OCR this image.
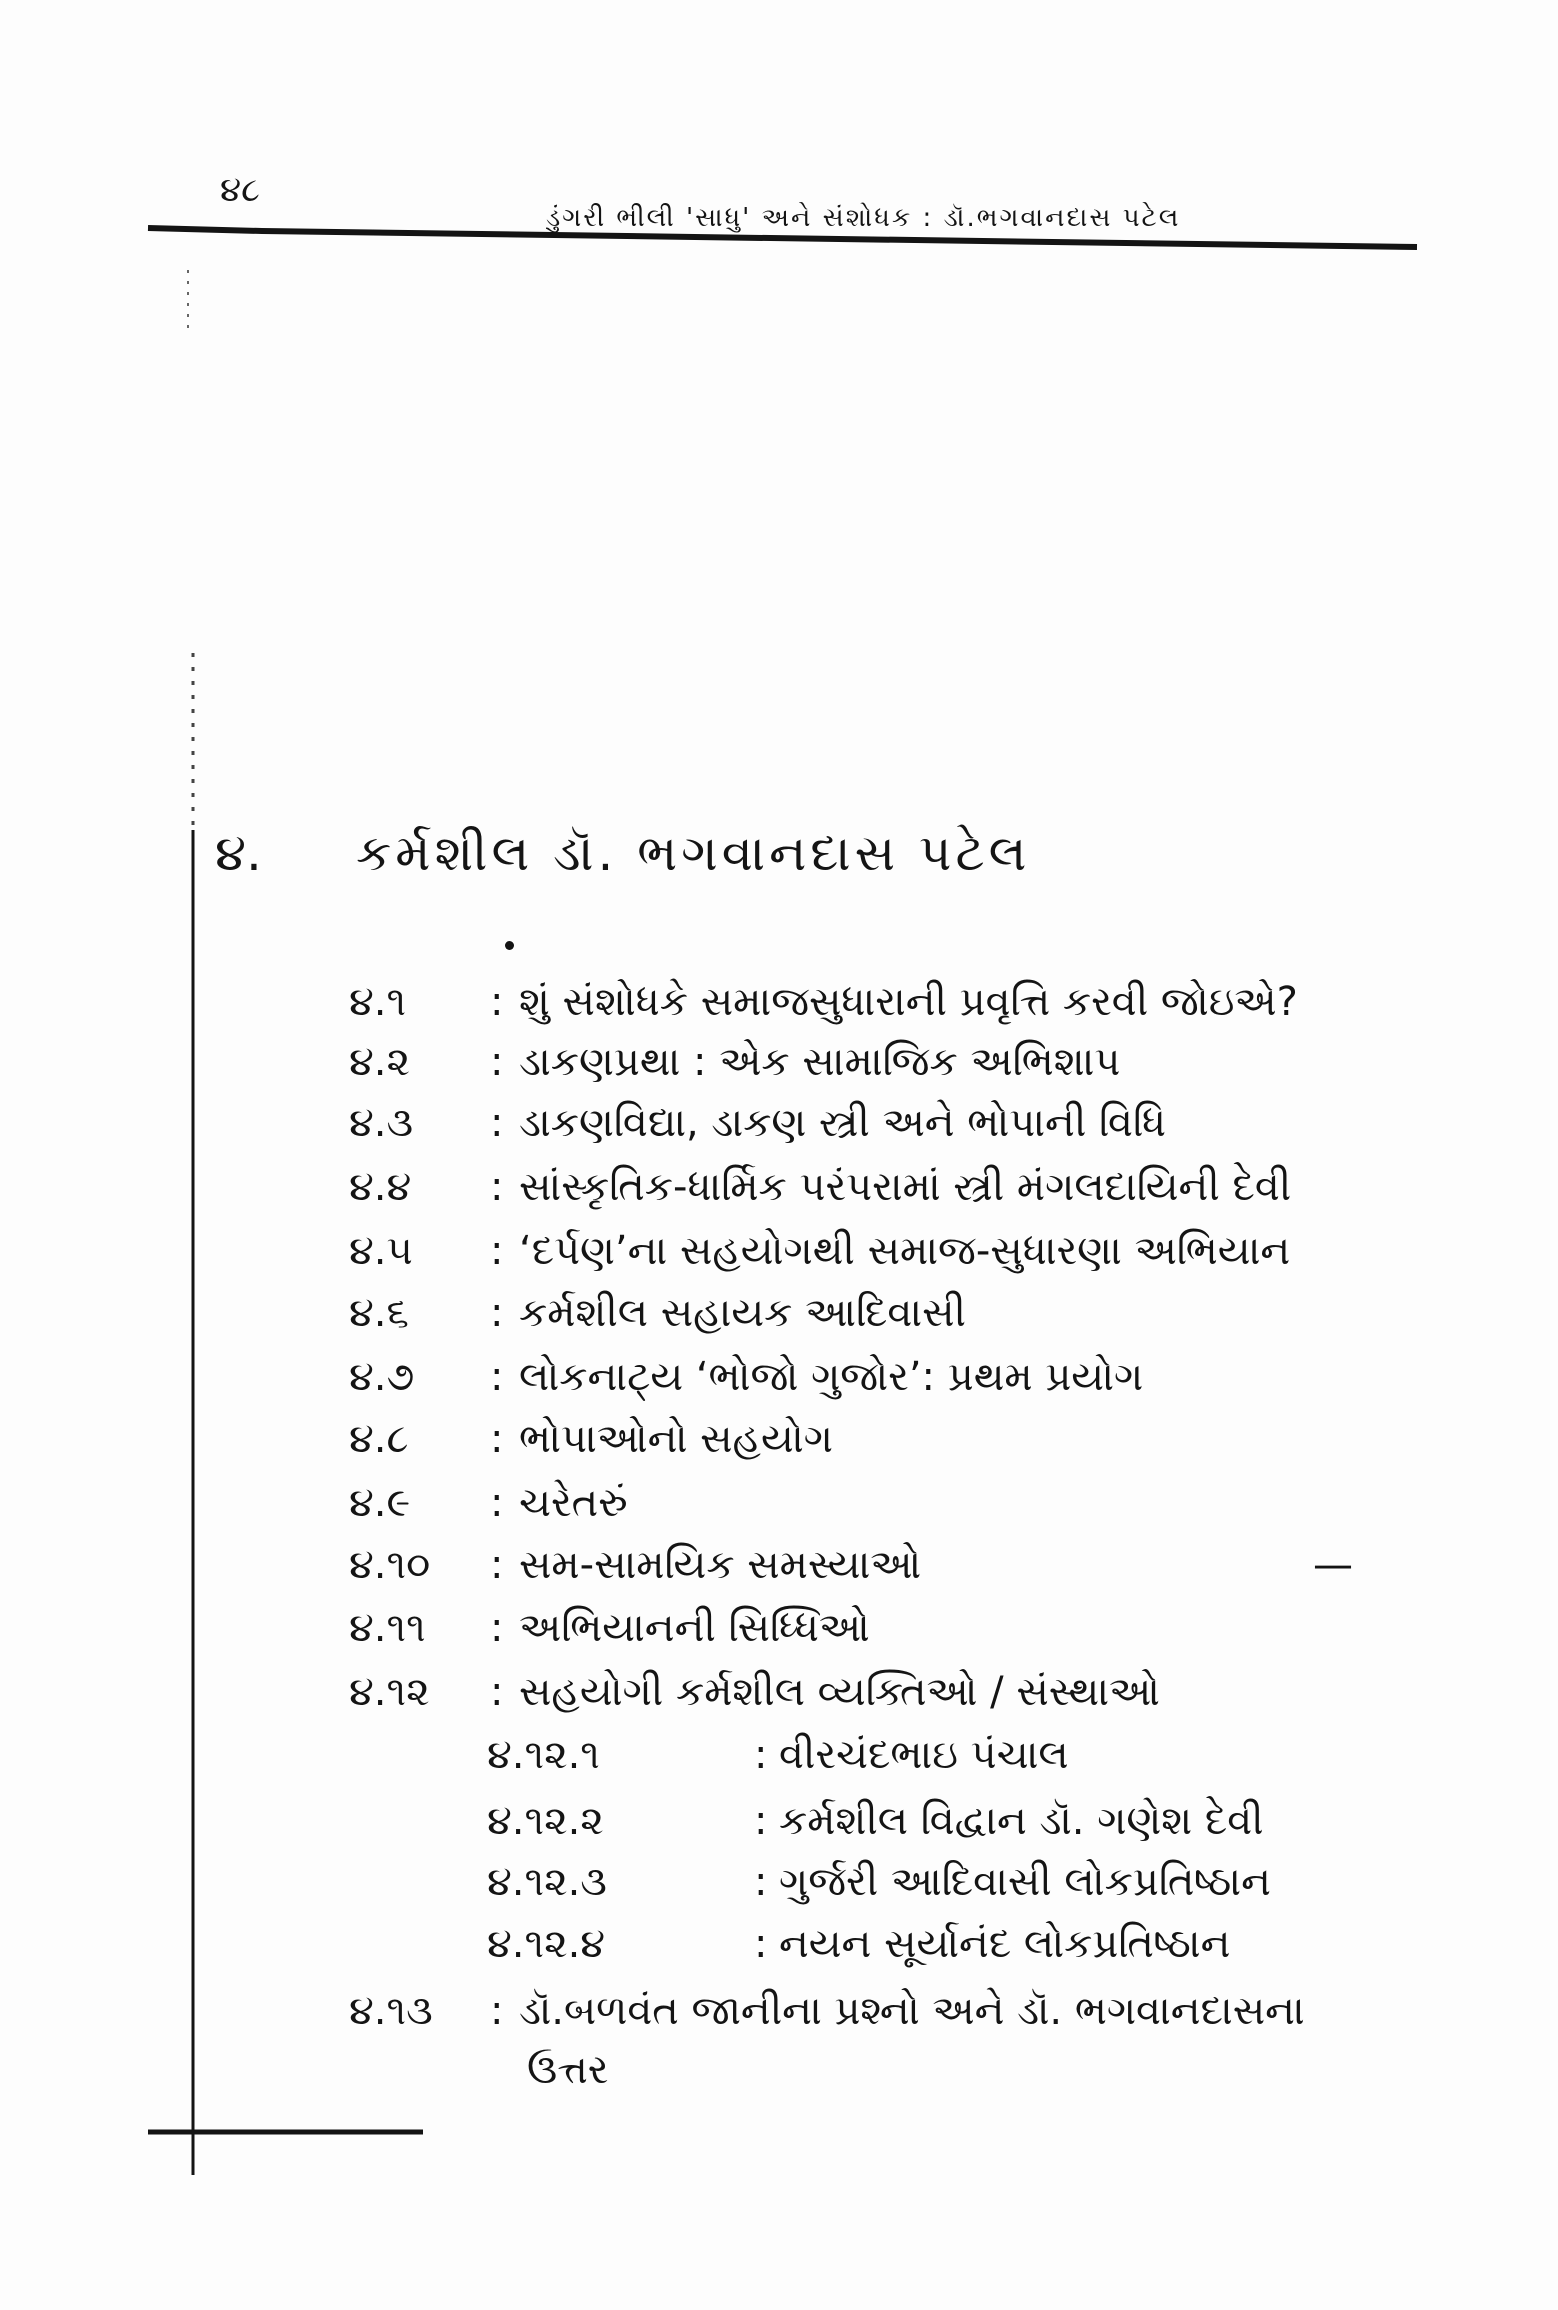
૪૮
ડુંગરી ભીલી 'સાધુ' અને સંશોધક : ડૉ.ભગવાનદાસ પટેલ
૪. કર્મશીલ ડૉ. ભગવાનદાસ પટેલ
૪.૧ : શું સંશોધકે સમાજસુધારાની પ્રવૃત્તિ કરવી જોઇએ?
૪.૨ : ડાકણપ્રથા : એક સામાજિક અભિશાપ
૪.૩ : ડાકણવિદ્યા, ડાકણ સ્ત્રી અને ભોપાની વિધિ
૪.૪ : સાંસ્કૃતિક-ધાર્મિક પરંપરામાં સ્ત્રી મંગલદાયિની દેવી
૪.૫ : ‘દર્પણ’ના સહયોગથી સમાજ-સુધારણા અભિયાન
૪.૬ : કર્મશીલ સહાયક આદિવાસી
૪.૭ : લોકનાટ્ય ‘ભોજો ગુજોર’: પ્રથમ પ્રયોગ
૪.૮ : ભોપાઓનો સહયોગ
૪.૯ : ચરેતરું
૪.૧૦ : સમ-સામયિક સમસ્યાઓ	—
૪.૧૧ : અભિયાનની સિધ્ધિઓ
૪.૧૨ : સહયોગી કર્મશીલ વ્યક્તિઓ / સંસ્થાઓ
૪.૧૨.૧	: વીરચંદભાઇ પંચાલ
૪.૧૨.૨	: કર્મશીલ વિદ્વાન ડૉ. ગણેશ દેવી
૪.૧૨.૩	: ગુર્જરી આદિવાસી લોકપ્રતિષ્ઠાન
૪.૧૨.૪	: નયન સૂર્યાનંદ લોકપ્રતિષ્ઠાન
૪.૧૩ : ડૉ.બળવંત જાનીના પ્રશ્નો અને ડૉ. ભગવાનદાસના
ઉત્તર
